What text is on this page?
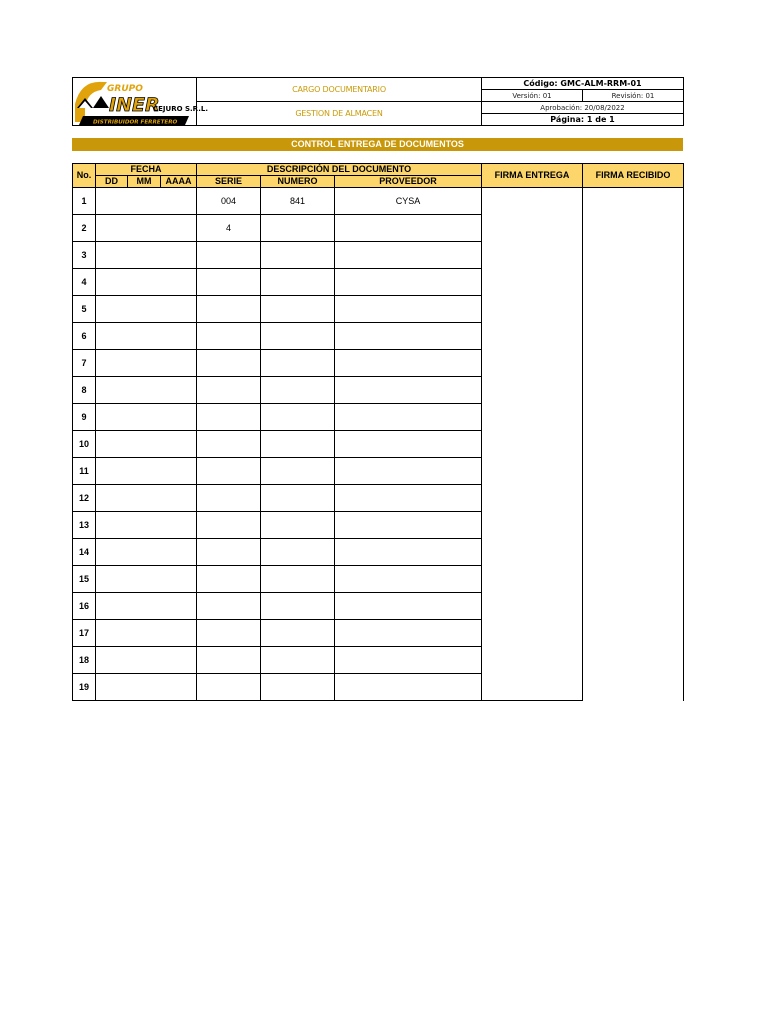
GRUPO
INER
CEJURO S.R.L.
DISTRIBUIDOR FERRETERO	CARGO DOCUMENTARIO	Código: GMC-ALM-RRM-01	
		Versión: 01	Revisión: 01
	GESTION DE ALMACEN	Aprobación: 20/08/2022	
		Página: 1 de 1	
CONTROL ENTREGA DE DOCUMENTOS
No.	FECHA			DESCRIPCIÓN DEL DOCUMENTO			FIRMA ENTREGA	FIRMA RECIBIDO
	DD	MM	AAAA	SERIE	NUMERO	PROVEEDOR		
1				004	841	CYSA		
2				4				
3								
4								
5								
6								
7								
8								
9								
10								
11								
12								
13								
14								
15								
16								
17								
18								
19								
